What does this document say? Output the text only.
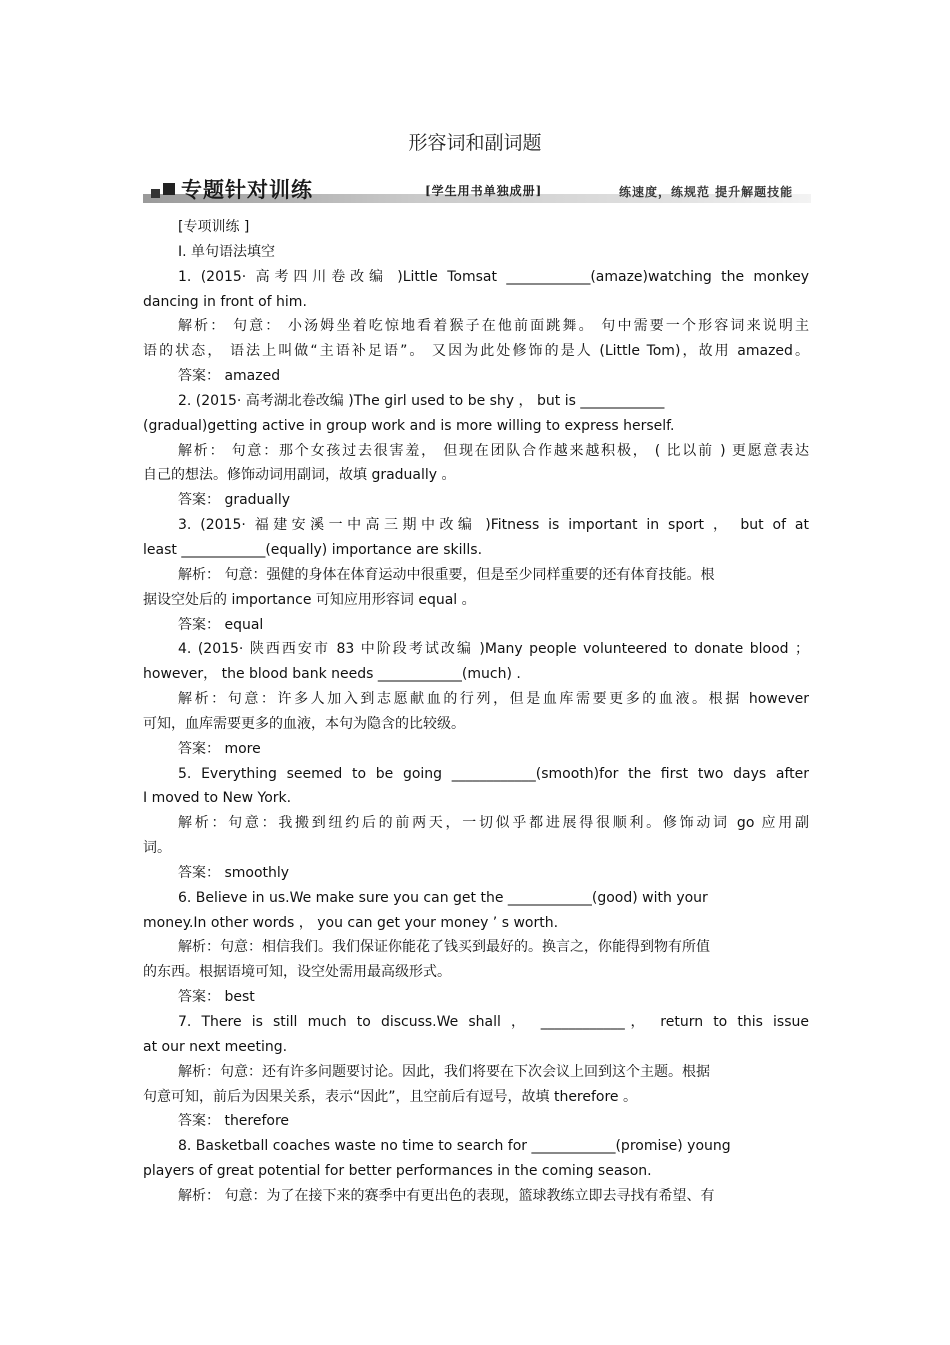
形容词和副词题
专题针对训练	[学生用书单独成册]	练速度，练规范 提升解题技能
[专项训练 ]
Ⅰ. 单句语法填空
1. (2015· 高考四川卷改编 )Little Tomsat ____________(amaze)watching the monkey
dancing in front of him.
解析： 句意： 小汤姆坐着吃惊地看着猴子在他前面跳舞。 句中需要一个形容词来说明主
语的状态， 语法上叫做“主语补足语”。 又因为此处修饰的是人 (Little Tom)，故用 amazed。
答案： amazed
2. (2015· 高考湖北卷改编 )The girl used to be shy ， but is ____________
(gradual)getting active in group work and is more willing to express herself.
解析： 句意：那个女孩过去很害羞， 但现在团队合作越来越积极， ( 比以前 ) 更愿意表达
自己的想法。修饰动词用副词，故填 gradually 。
答案： gradually
3. (2015· 福建安溪一中高三期中改编 )Fitness is important in sport ， but of at
least ____________(equally) importance are skills.
解析： 句意：强健的身体在体育运动中很重要，但是至少同样重要的还有体育技能。根
据设空处后的 importance 可知应用形容词 equal 。
答案： equal
4. (2015· 陕西西安市 83 中阶段考试改编 )Many people volunteered to donate blood ；
however， the blood bank needs ____________(much) .
解析：句意：许多人加入到志愿献血的行列，但是血库需要更多的血液。根据 however
可知，血库需要更多的血液，本句为隐含的比较级。
答案： more
5. Everything seemed to be going ____________(smooth)for the first two days after
I moved to New York.
解析：句意：我搬到纽约后的前两天，一切似乎都进展得很顺利。修饰动词 go 应用副
词。
答案： smoothly
6. Believe in us.We make sure you can get the ____________(good) with your
money.In other words ， you can get your money ’ s worth.
解析：句意：相信我们。我们保证你能花了钱买到最好的。换言之，你能得到物有所值
的东西。根据语境可知，设空处需用最高级形式。
答案： best
7. There is still much to discuss.We shall ， ____________， return to this issue
at our next meeting.
解析：句意：还有许多问题要讨论。因此，我们将要在下次会议上回到这个主题。根据
句意可知，前后为因果关系，表示“因此”，且空前后有逗号，故填 therefore 。
答案： therefore
8. Basketball coaches waste no time to search for ____________(promise) young
players of great potential for better performances in the coming season.
解析： 句意：为了在接下来的赛季中有更出色的表现，篮球教练立即去寻找有希望、有
